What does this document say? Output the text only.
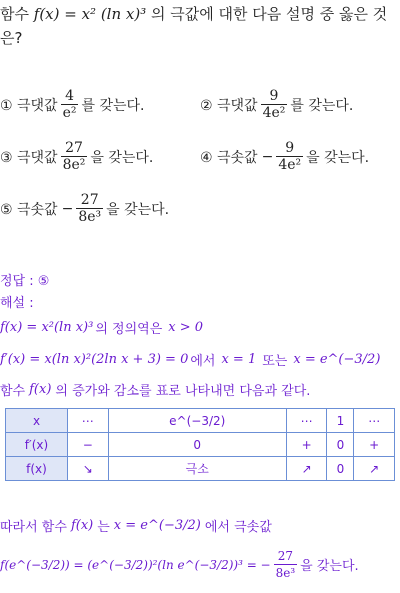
함수 f(x) = x² (ln x)³ 의 극값에 대한 다음 설명 중 옳은 것은?
① 극댓값 $\frac{4}{\text{e²}}$ 를 갖는다.	② 극댓값 $\frac{9}{\text{4e²}}$ 를 갖는다.
③ 극댓값 $\frac{27}{\text{8e²}}$ 을 갖는다.	④ 극솟값 − $\frac{9}{\text{4e²}}$ 을 갖는다.
⑤ 극솟값 − $\frac{27}{\text{8e³}}$ 을 갖는다.
정답 : ⑤
해설 :
f(x) = x²(ln x)³ 의 정의역은 x > 0
f′(x) = x(ln x)²(2ln x + 3) = 0 에서 x = 1 또는 x = e^(−3/2)
함수 f(x) 의 증가와 감소를 표로 나타내면 다음과 같다.
x	⋯	e^(−3/2)	⋯	1	⋯
f′(x)	−	0	+	0	+
f(x)	↘	극소	↗	0	↗
따라서 함수 f(x) 는 x = e^(−3/2) 에서 극솟값
f(e^(−3/2)) = (e^(−3/2))²(ln e^(−3/2))³ = − $\frac{27}{\text{8e³}}$ 을 갖는다.
